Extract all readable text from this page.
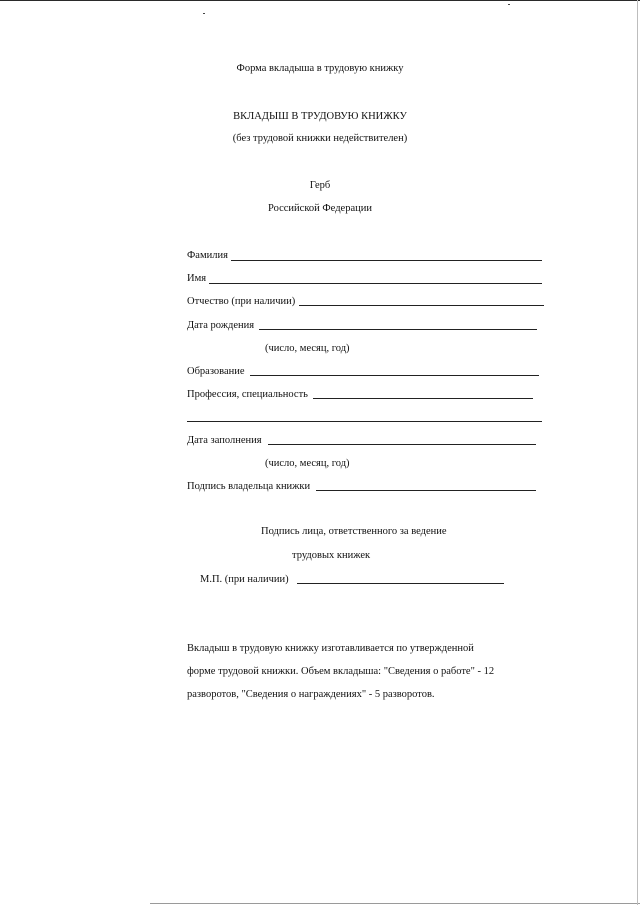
Форма вкладыша в трудовую книжку
ВКЛАДЫШ В ТРУДОВУЮ КНИЖКУ
(без трудовой книжки недействителен)
Герб
Российской Федерации
Фамилия
Имя
Отчество (при наличии)
Дата рождения
(число, месяц, год)
Образование
Профессия, специальность
Дата заполнения
(число, месяц, год)
Подпись владельца книжки
Подпись лица, ответственного за ведение
трудовых книжек
М.П. (при наличии)
Вкладыш в трудовую книжку изготавливается по утвержденной
форме трудовой книжки. Объем вкладыша: "Сведения о работе" - 12
разворотов, "Сведения о награждениях" - 5 разворотов.
